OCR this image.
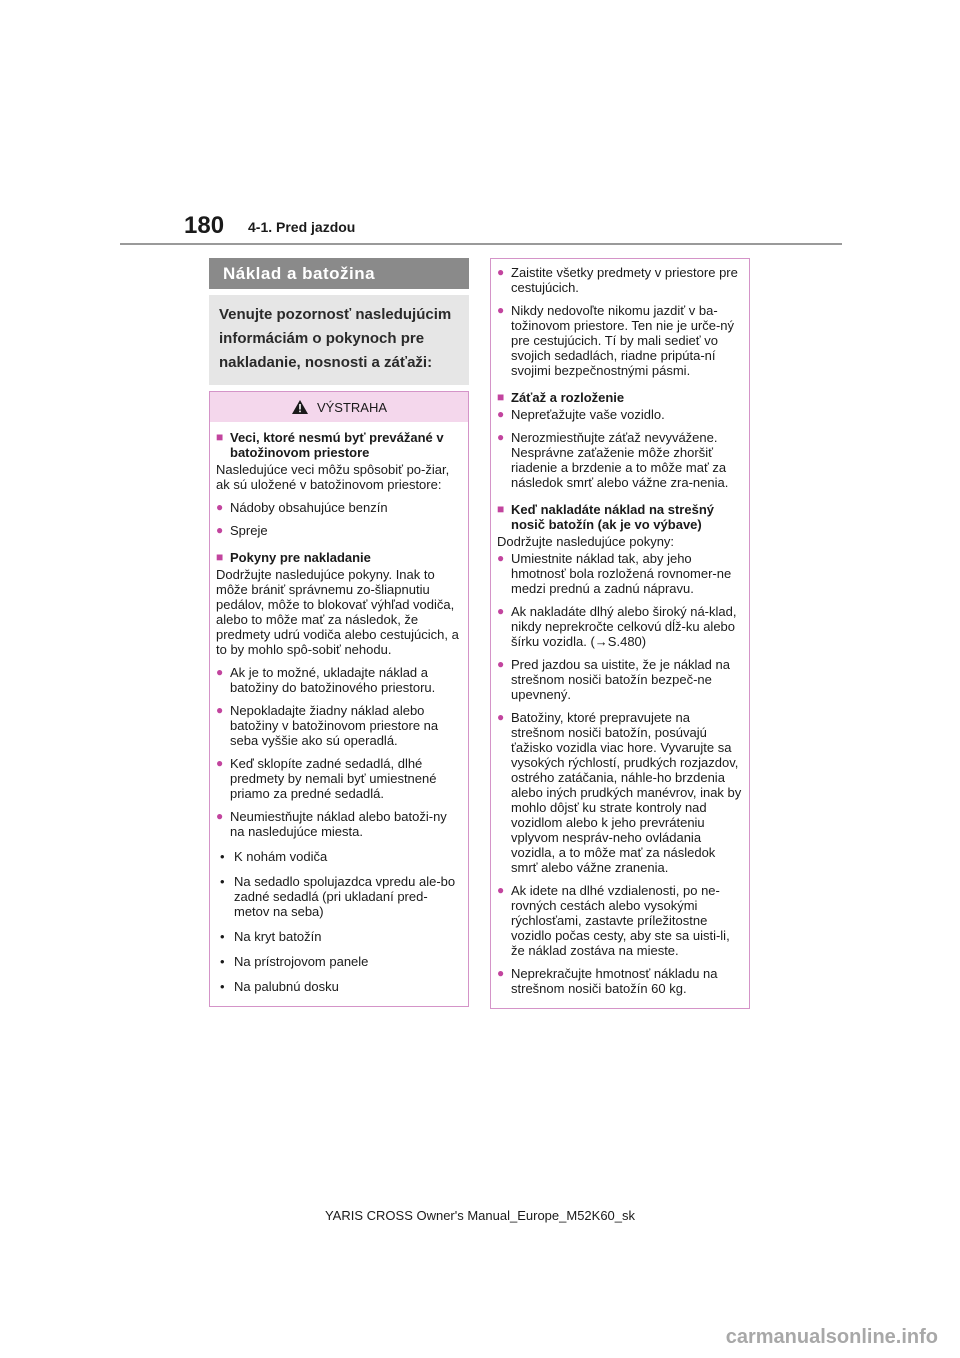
180 4-1. Pred jazdou
Náklad a batožina
Venujte pozornosť nasledujúcim informáciám o pokynoch pre nakladanie, nosnosti a záťaži:
VÝSTRAHA
■ Veci, ktoré nesmú byť prevážané v batožinovom priestore
Nasledujúce veci môžu spôsobiť po-žiar, ak sú uložené v batožinovom priestore:
● Nádoby obsahujúce benzín
● Spreje
■ Pokyny pre nakladanie
Dodržujte nasledujúce pokyny. Inak to môže brániť správnemu zo-šliapnutiu pedálov, môže to blokovať výhľad vodiča, alebo to môže mať za následok, že predmety udrú vodiča alebo cestujúcich, a to by mohlo spô-sobiť nehodu.
● Ak je to možné, ukladajte náklad a batožiny do batožinového priestoru.
● Nepokladajte žiadny náklad alebo batožiny v batožinovom priestore na seba vyššie ako sú operadlá.
● Keď sklopíte zadné sedadlá, dlhé predmety by nemali byť umiestnené priamo za predné sedadlá.
● Neumiestňujte náklad alebo batoži-ny na nasledujúce miesta.
• K nohám vodiča
• Na sedadlo spolujazdca vpredu ale-bo zadné sedadlá (pri ukladaní pred-metov na seba)
• Na kryt batožín
• Na prístrojovom panele
• Na palubnú dosku
● Zaistite všetky predmety v priestore pre cestujúcich.
● Nikdy nedovoľte nikomu jazdiť v ba-tožinovom priestore. Ten nie je urče-ný pre cestujúcich. Tí by mali sedieť vo svojich sedadlách, riadne pripúta-ní svojimi bezpečnostnými pásmi.
■ Záťaž a rozloženie
● Nepreťažujte vaše vozidlo.
● Nerozmiestňujte záťaž nevyvážene. Nesprávne zaťaženie môže zhoršiť riadenie a brzdenie a to môže mať za následok smrť alebo vážne zra-nenia.
■ Keď nakladáte náklad na strešný nosič batožín (ak je vo výbave)
Dodržujte nasledujúce pokyny:
● Umiestnite náklad tak, aby jeho hmotnosť bola rozložená rovnomer-ne medzi prednú a zadnú nápravu.
● Ak nakladáte dlhý alebo široký ná-klad, nikdy neprekročte celkovú dĺž-ku alebo šírku vozidla. (→S.480)
● Pred jazdou sa uistite, že je náklad na strešnom nosiči batožín bezpeč-ne upevnený.
● Batožiny, ktoré prepravujete na strešnom nosiči batožín, posúvajú ťažisko vozidla viac hore. Vyvarujte sa vysokých rýchlostí, prudkých rozjazdov, ostrého zatáčania, náhle-ho brzdenia alebo iných prudkých manévrov, inak by mohlo dôjsť ku strate kontroly nad vozidlom alebo k jeho prevráteniu vplyvom nespráv-neho ovládania vozidla, a to môže mať za následok smrť alebo vážne zranenia.
● Ak idete na dlhé vzdialenosti, po ne-rovných cestách alebo vysokými rýchlosťami, zastavte príležitostne vozidlo počas cesty, aby ste sa uisti-li, že náklad zostáva na mieste.
● Neprekračujte hmotnosť nákladu na strešnom nosiči batožín 60 kg.
YARIS CROSS Owner's Manual_Europe_M52K60_sk
carmanualsonline.info
